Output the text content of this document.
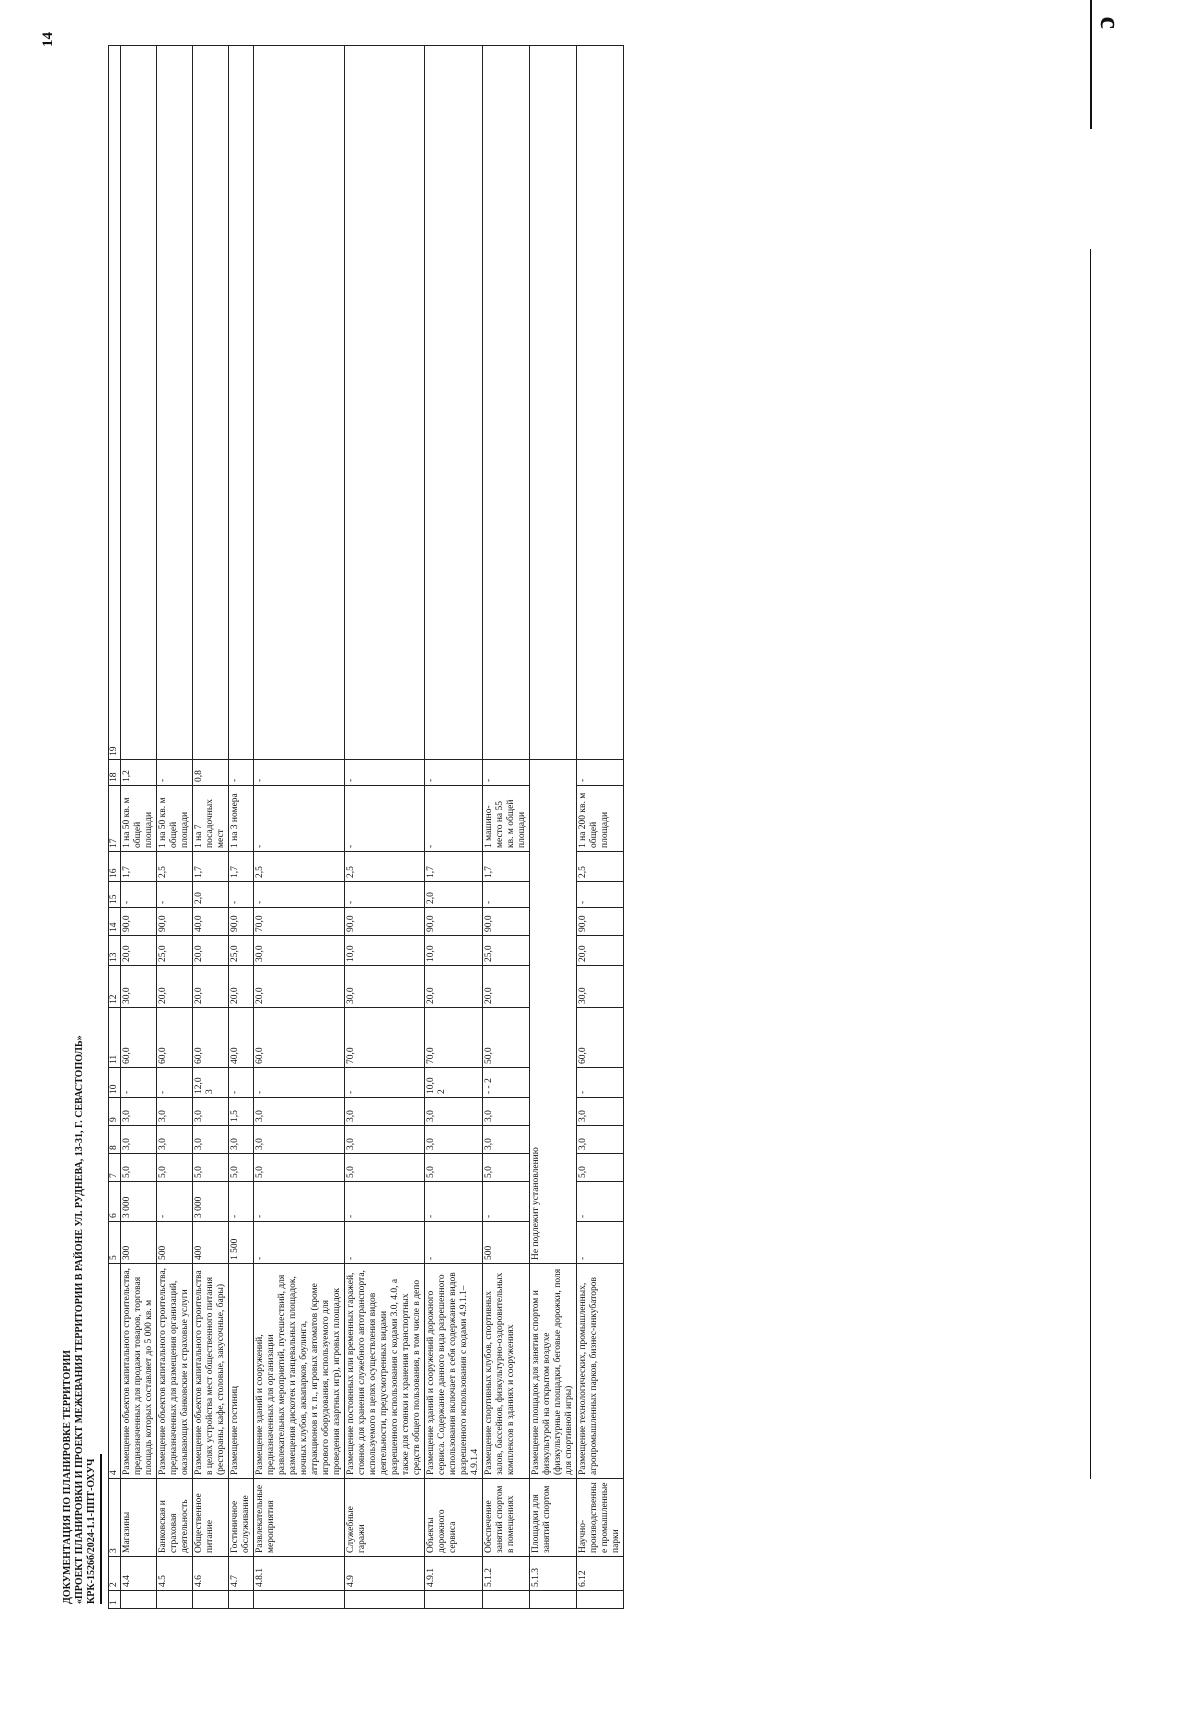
14
ДОКУМЕНТАЦИЯ ПО ПЛАНИРОВКЕ ТЕРРИТОРИИ «ПРОЕКТ ПЛАНИРОВКИ И ПРОЕКТ МЕЖЕВАНИЯ ТЕРРИТОРИИ В РАЙОНЕ УЛ. РУДНЕВА, 13-31, Г. СЕВАСТОПОЛЬ» КРК-1526б/2024-1.1-ППТ-ОХУЧ 1	2	3	4	5	6	7	8	9	10	11	12	13	14	15	16	17	18	19
	4.4	Магазины	Размещение объектов капитального строительства, предназначенных для продажи товаров, торговая площадь которых составляет до 5 000 кв. м	300	3 000	5,0	3,0	3,0	-	60,0	30,0	20,0	90,0	-	1,7	1 на 50 кв. м общей площади	1,2	
	4.5	Банковская и страховая деятельность	Размещение объектов капитального строительства, предназначенных для размещения организаций, оказывающих банковские и страховые услуги	500	-	5,0	3,0	3,0	-	60,0	20,0	25,0	90,0	-	2,5	1 на 50 кв. м общей площади	-	
	4.6	Общественное питание	Размещение объектов капитального строительства в целях устройства мест общественного питания (рестораны, кафе, столовые, закусочные, бары)	400	3 000	5,0	3,0	3,0	12,0 3	60,0	20,0	20,0	40,0	2,0	1,7	1 на 7 посадочных мест	0,8	
	4.7	Гостиничное обслуживание	Размещение гостиниц	1 500	-	5,0	3,0	1,5	-	40,0	20,0	25,0	90,0	-	1,7	1 на 3 номера	-	
	4.8.1	Развлекательные мероприятия	Размещение зданий и сооружений, предназначенных для организации развлекательных мероприятий, путешествий, для размещения дискотек и танцевальных площадок, ночных клубов, аквапарков, боулинга, аттракционов и т. п., игровых автоматов (кроме игрового оборудования, используемого для проведения азартных игр), игровых площадок	-	-	5,0	3,0	3,0	-	60,0	20,0	30,0	70,0	-	2,5	-	-	
	4.9	Служебные гаражи	Размещение постоянных или временных гаражей, стоянок для хранения служебного автотранспорта, используемого в целях осуществления видов деятельности, предусмотренных видами разрешенного использования с кодами 3.0, 4.0, а также для стоянки и хранения транспортных средств общего пользования, в том числе в депо	-	-	5,0	3,0	3,0	-	70,0	30,0	10,0	90,0	-	2,5	-	-	
	4.9.1	Объекты дорожного сервиса	Размещение зданий и сооружений дорожного сервиса. Содержание данного вида разрешенного использования включает в себя содержание видов разрешенного использования с кодами 4.9.1.1–4.9.1.4	-	-	5,0	3,0	3,0	10,0 2	70,0	20,0	10,0	90,0	2,0	1,7	-	-	
	5.1.2	Обеспечение занятий спортом в помещениях	Размещение спортивных клубов, спортивных залов, бассейнов, физкультурно-оздоровительных комплексов в зданиях и сооружениях	500	-	5,0	3,0	3,0	- - 2	50,0	20,0	25,0	90,0	-	1,7	1 машино-место на 55 кв. м общей площади	-	
	5.1.3	Площадки для занятий спортом	Размещение площадок для занятия спортом и физкультурой на открытом воздухе (физкультурные площадки, беговые дорожки, поля для спортивной игры)	Не подлежит установлению														
	6.12	Научно-производственные промышленные парки	Размещение технологических, промышленных, агропромышленных парков, бизнес-инкубаторов	-	-	5,0	3,0	3,0	-	60,0	30,0	20,0	90,0	-	2,5	1 на 200 кв. м общей площади	-	
ɔ
